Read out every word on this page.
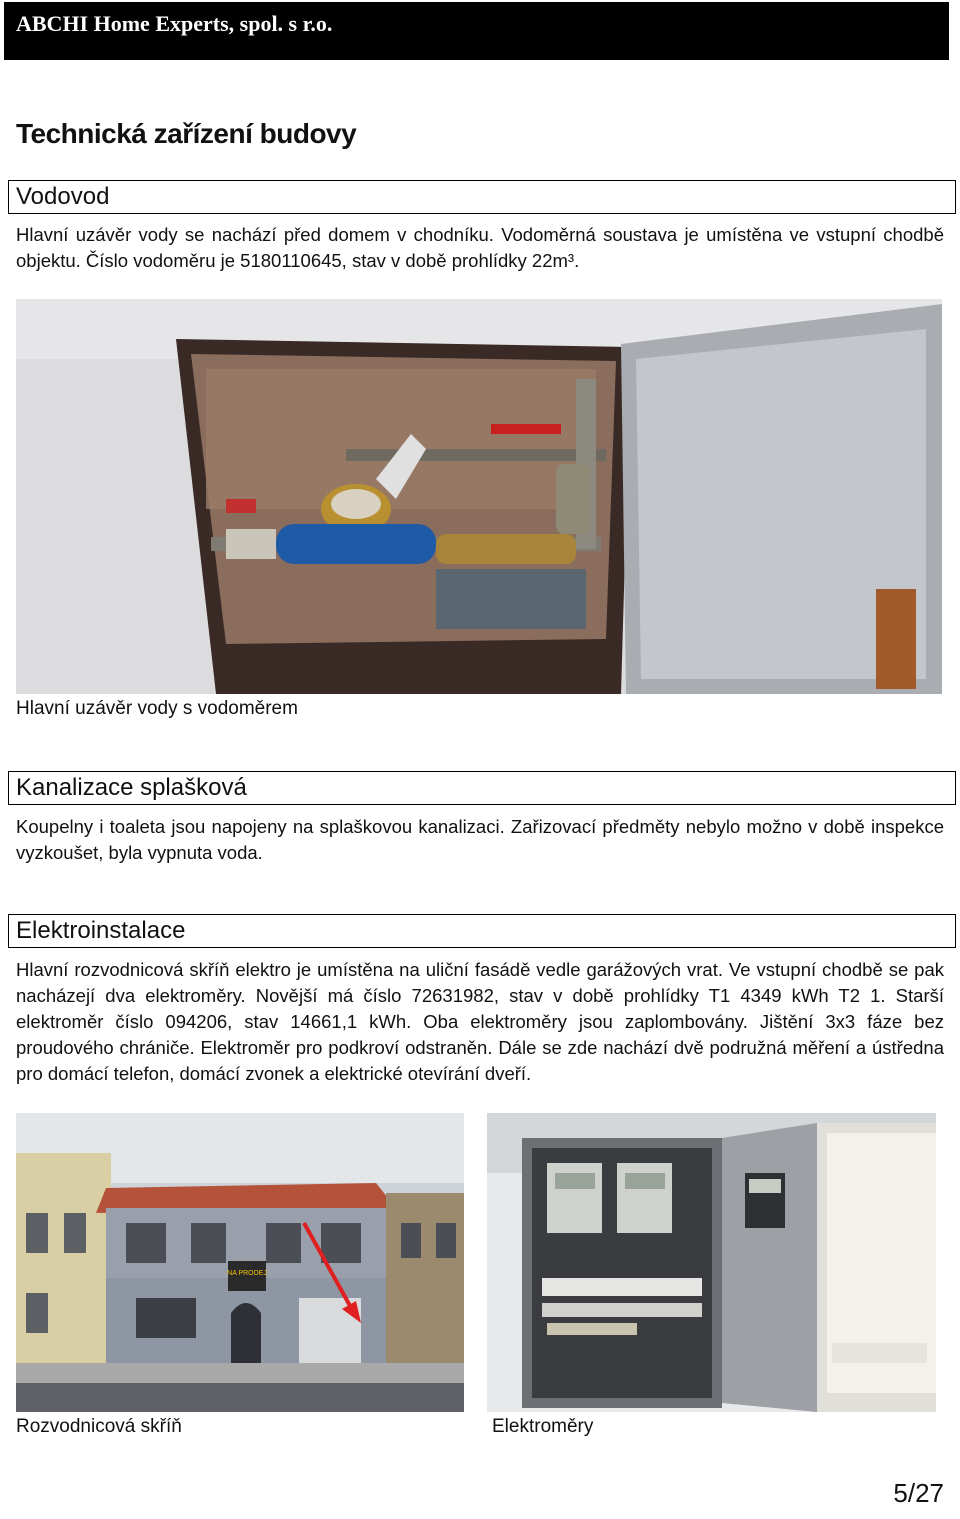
ABCHI Home Experts, spol. s r.o.
Technická zařízení budovy
Vodovod

Hlavní uzávěr vody se nachází před domem v chodníku. Vodoměrná soustava je umístěna ve vstupní chodbě objektu. Číslo vodoměru je 5180110645, stav v době prohlídky 22m³.

Hlavní uzávěr vody s vodoměrem
Kanalizace splašková

Koupelny i toaleta jsou napojeny na splaškovou kanalizaci. Zařizovací předměty nebylo možno v době inspekce vyzkoušet, byla vypnuta voda.

Elektroinstalace

Hlavní rozvodnicová skříň elektro je umístěna na uliční fasádě vedle garážových vrat. Ve vstupní chodbě se pak nacházejí dva elektroměry. Novější má číslo 72631982, stav v době prohlídky T1 4349 kWh T2 1. Starší elektroměr číslo 094206, stav 14661,1 kWh. Oba elektroměry jsou zaplombovány. Jištění 3x3 fáze bez proudového chrániče. Elektroměr pro podkroví odstraněn. Dále se zde nachází dvě podružná měření a ústředna pro domácí telefon, domácí zvonek a elektrické otevírání dveří.

NA PRODEJ
Rozvodnicová skříň	Elektroměry
5/27
